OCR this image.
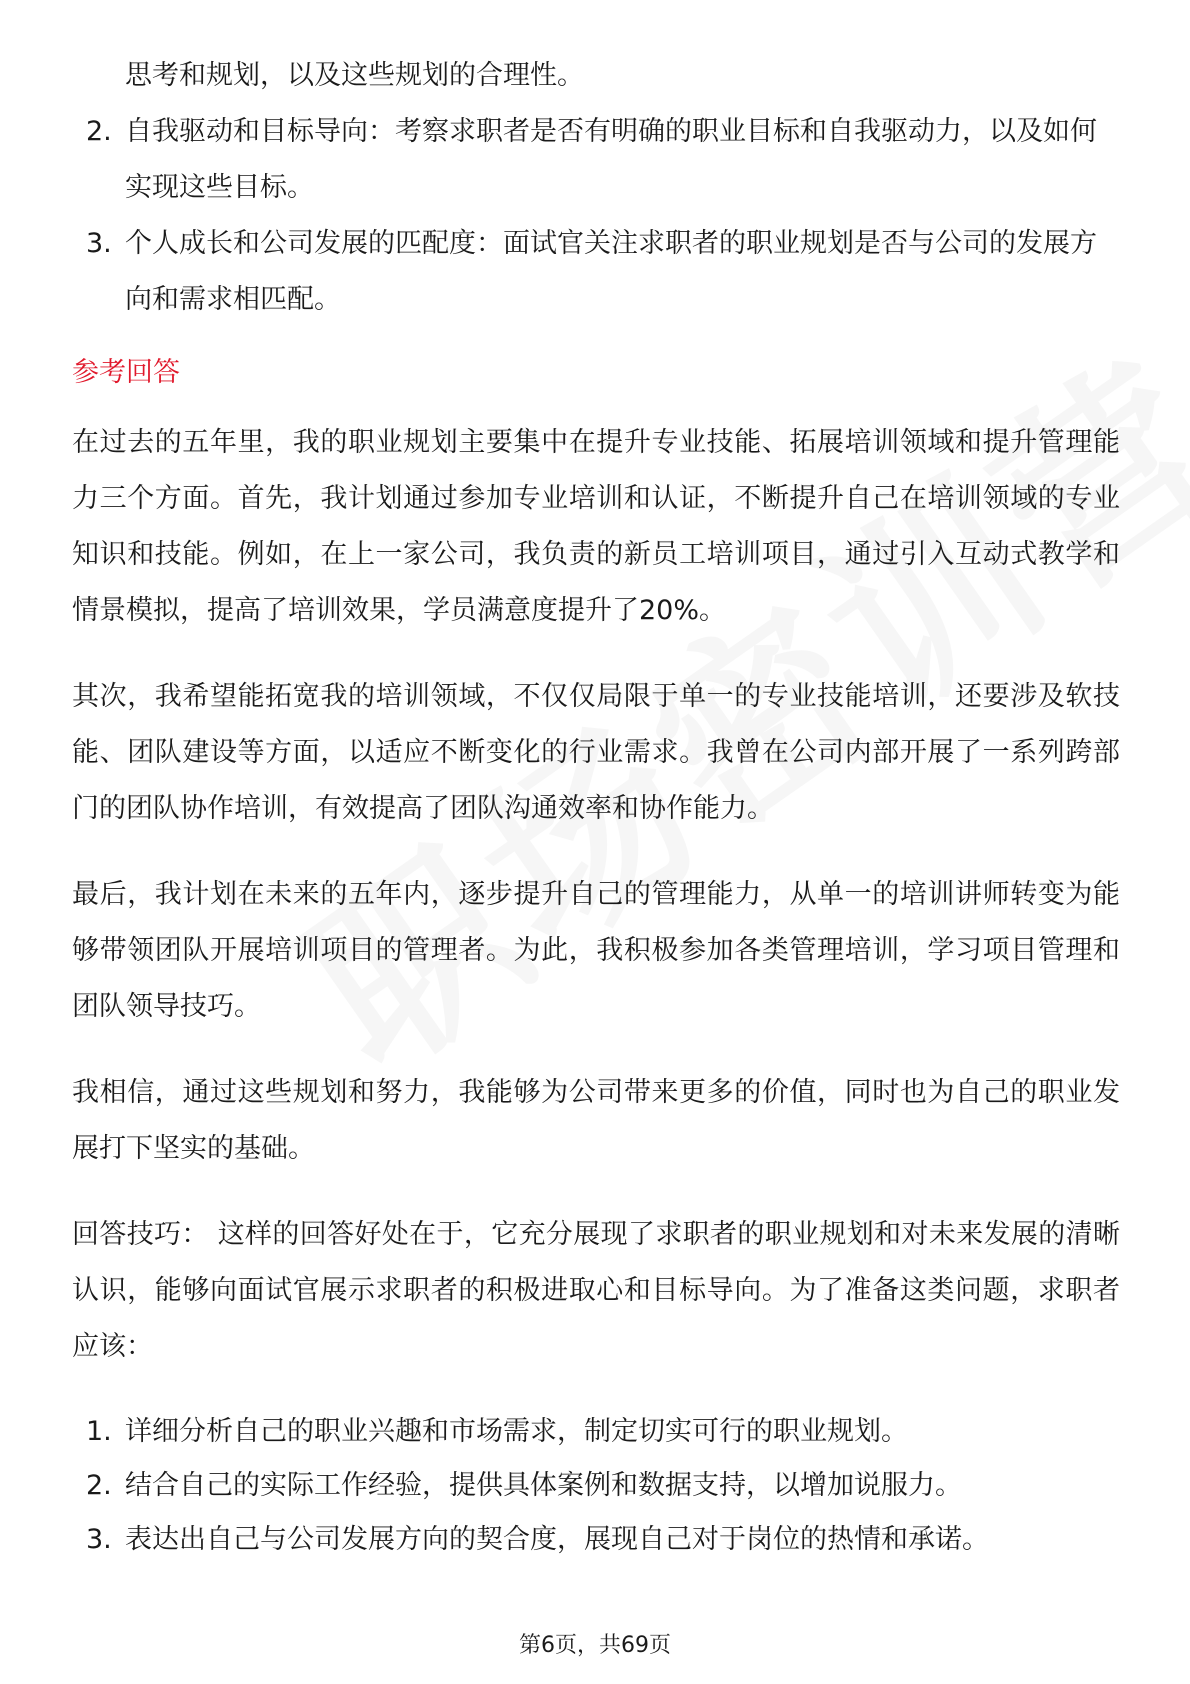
思考和规划，以及这些规划的合理性。
2. 自我驱动和目标导向：考察求职者是否有明确的职业目标和自我驱动力，以及如何实现这些目标。
3. 个人成长和公司发展的匹配度：面试官关注求职者的职业规划是否与公司的发展方向和需求相匹配。
参考回答

在过去的五年里，我的职业规划主要集中在提升专业技能、拓展培训领域和提升管理能力三个方面。首先，我计划通过参加专业培训和认证，不断提升自己在培训领域的专业知识和技能。例如，在上一家公司，我负责的新员工培训项目，通过引入互动式教学和情景模拟，提高了培训效果，学员满意度提升了20%。

其次，我希望能拓宽我的培训领域，不仅仅局限于单一的专业技能培训，还要涉及软技能、团队建设等方面，以适应不断变化的行业需求。我曾在公司内部开展了一系列跨部门的团队协作培训，有效提高了团队沟通效率和协作能力。

最后，我计划在未来的五年内，逐步提升自己的管理能力，从单一的培训讲师转变为能够带领团队开展培训项目的管理者。为此，我积极参加各类管理培训，学习项目管理和团队领导技巧。

我相信，通过这些规划和努力，我能够为公司带来更多的价值，同时也为自己的职业发展打下坚实的基础。

回答技巧： 这样的回答好处在于，它充分展现了求职者的职业规划和对未来发展的清晰认识，能够向面试官展示求职者的积极进取心和目标导向。为了准备这类问题，求职者应该：

1. 详细分析自己的职业兴趣和市场需求，制定切实可行的职业规划。
2. 结合自己的实际工作经验，提供具体案例和数据支持，以增加说服力。
3. 表达出自己与公司发展方向的契合度，展现自己对于岗位的热情和承诺。
第6页，共69页
